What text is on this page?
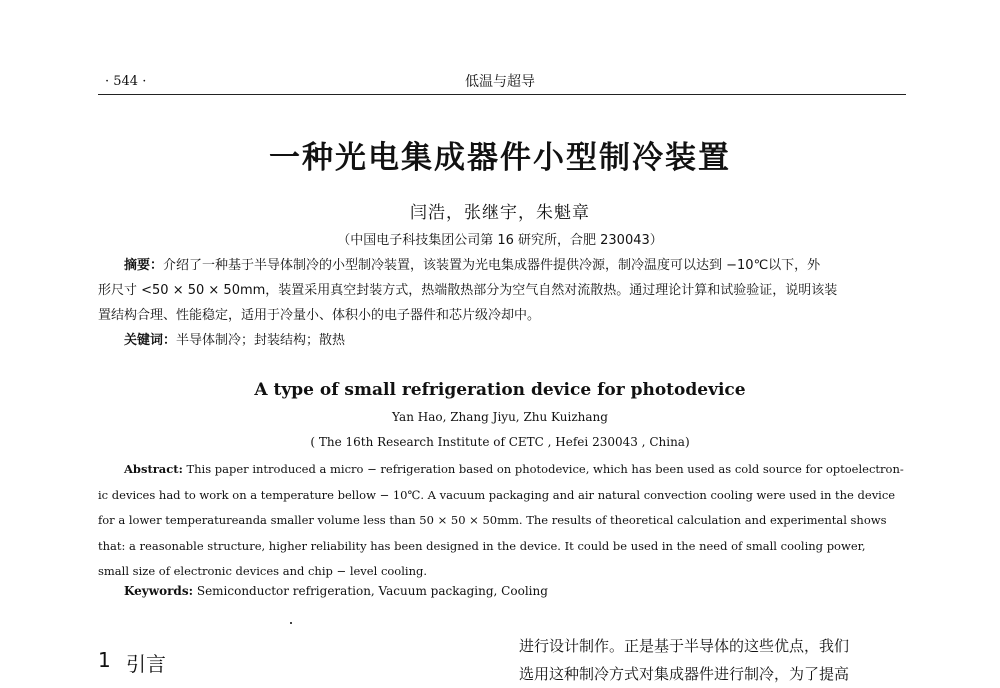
· 544 ·	低温与超导
一种光电集成器件小型制冷装置
闫浩，张继宇，朱魁章
（中国电子科技集团公司第 16 研究所，合肥 230043）
摘要：介绍了一种基于半导体制冷的小型制冷装置，该装置为光电集成器件提供冷源，制冷温度可以达到 −10℃以下，外
形尺寸 <50 × 50 × 50mm，装置采用真空封装方式，热端散热部分为空气自然对流散热。通过理论计算和试验验证，说明该装
置结构合理、性能稳定，适用于冷量小、体积小的电子器件和芯片级冷却中。
关键词：半导体制冷；封装结构；散热
A type of small refrigeration device for photodevice
Yan Hao, Zhang Jiyu, Zhu Kuizhang
( The 16th Research Institute of CETC , Hefei 230043 , China)
Abstract: This paper introduced a micro − refrigeration based on photodevice, which has been used as cold source for optoelectron-
ic devices had to work on a temperature bellow − 10℃. A vacuum packaging and air natural convection cooling were used in the device
for a lower temperatureanda smaller volume less than 50 × 50 × 50mm. The results of theoretical calculation and experimental shows
that: a reasonable structure, higher reliability has been designed in the device. It could be used in the need of small cooling power,
small size of electronic devices and chip − level cooling.
Keywords: Semiconductor refrigeration, Vacuum packaging, Cooling
1 引言
进行设计制作。正是基于半导体的这些优点，我们
选用这种制冷方式对集成器件进行制冷，为了提高
